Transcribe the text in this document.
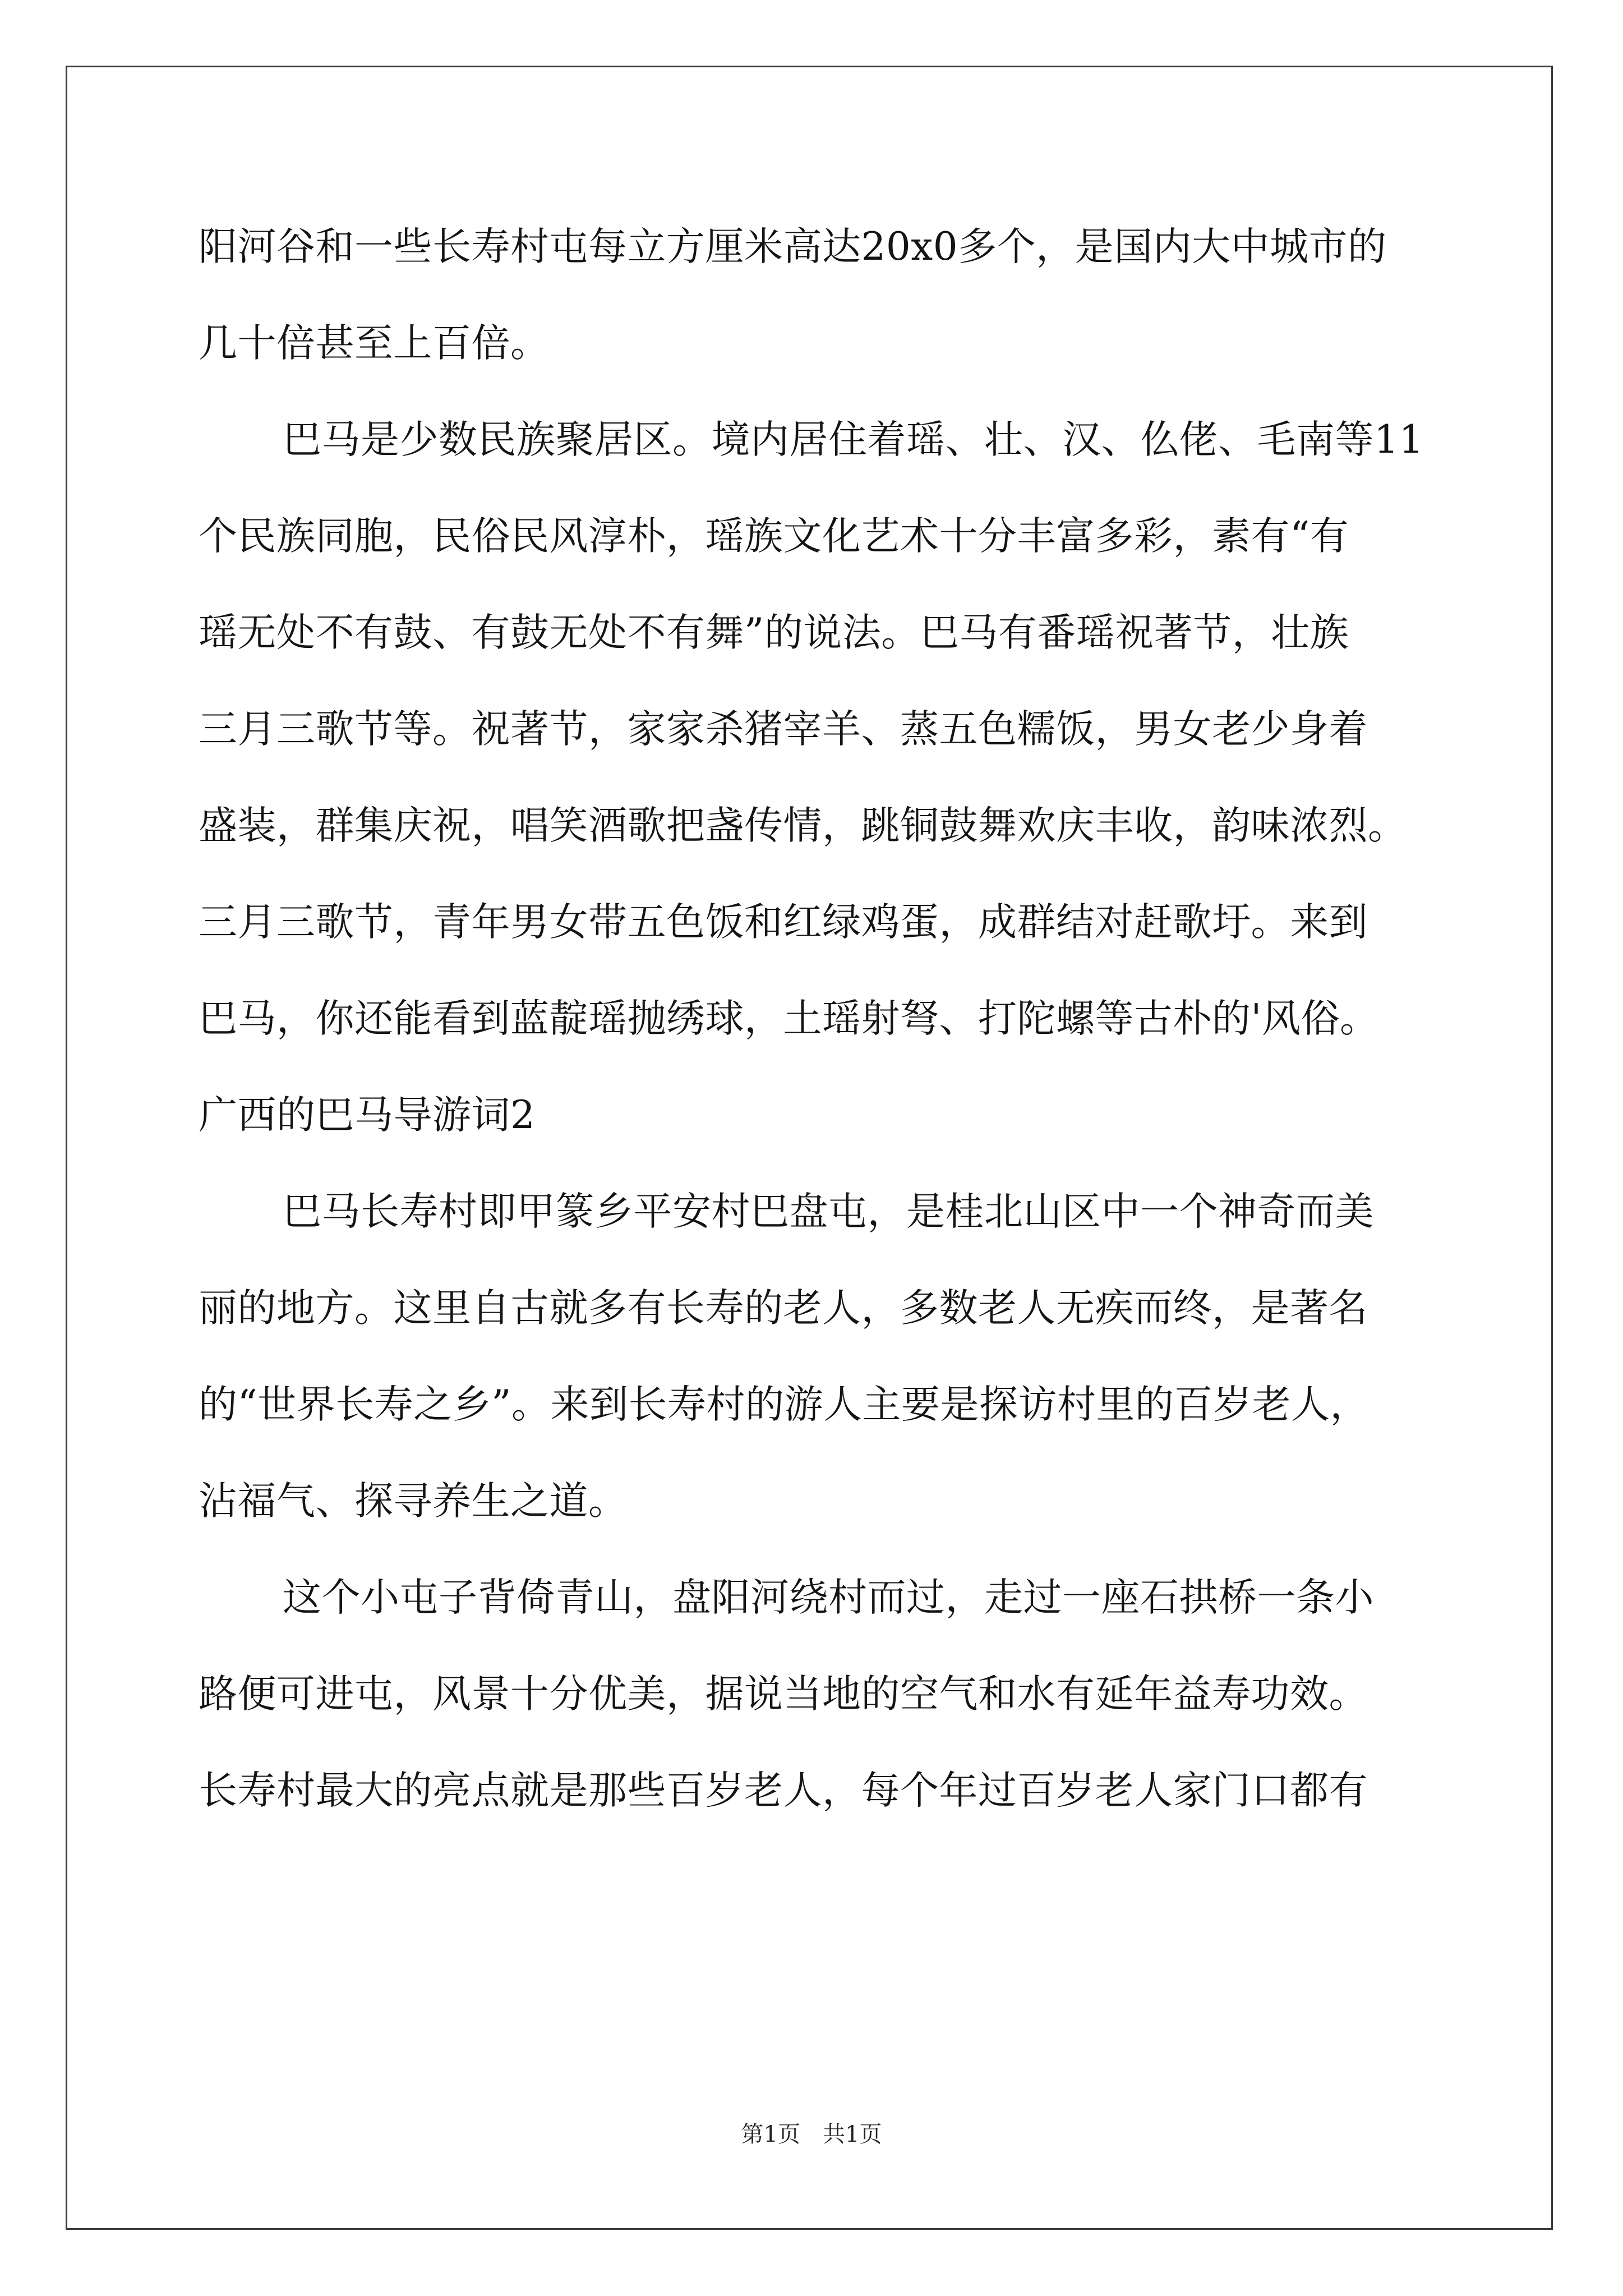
阳河谷和一些长寿村屯每立方厘米高达20x0多个，是国内大中城市的
几十倍甚至上百倍。
巴马是少数民族聚居区。境内居住着瑶、壮、汉、仫佬、毛南等11
个民族同胞，民俗民风淳朴，瑶族文化艺术十分丰富多彩，素有“有
瑶无处不有鼓、有鼓无处不有舞”的说法。巴马有番瑶祝著节，壮族
三月三歌节等。祝著节，家家杀猪宰羊、蒸五色糯饭，男女老少身着
盛装，群集庆祝，唱笑酒歌把盏传情，跳铜鼓舞欢庆丰收，韵味浓烈。
三月三歌节，青年男女带五色饭和红绿鸡蛋，成群结对赶歌圩。来到
巴马，你还能看到蓝靛瑶抛绣球，土瑶射弩、打陀螺等古朴的'风俗。
广西的巴马导游词2
巴马长寿村即甲篆乡平安村巴盘屯，是桂北山区中一个神奇而美
丽的地方。这里自古就多有长寿的老人，多数老人无疾而终，是著名
的“世界长寿之乡”。来到长寿村的游人主要是探访村里的百岁老人，
沾福气、探寻养生之道。
这个小屯子背倚青山，盘阳河绕村而过，走过一座石拱桥一条小
路便可进屯，风景十分优美，据说当地的空气和水有延年益寿功效。
长寿村最大的亮点就是那些百岁老人，每个年过百岁老人家门口都有
第1页 共1页
